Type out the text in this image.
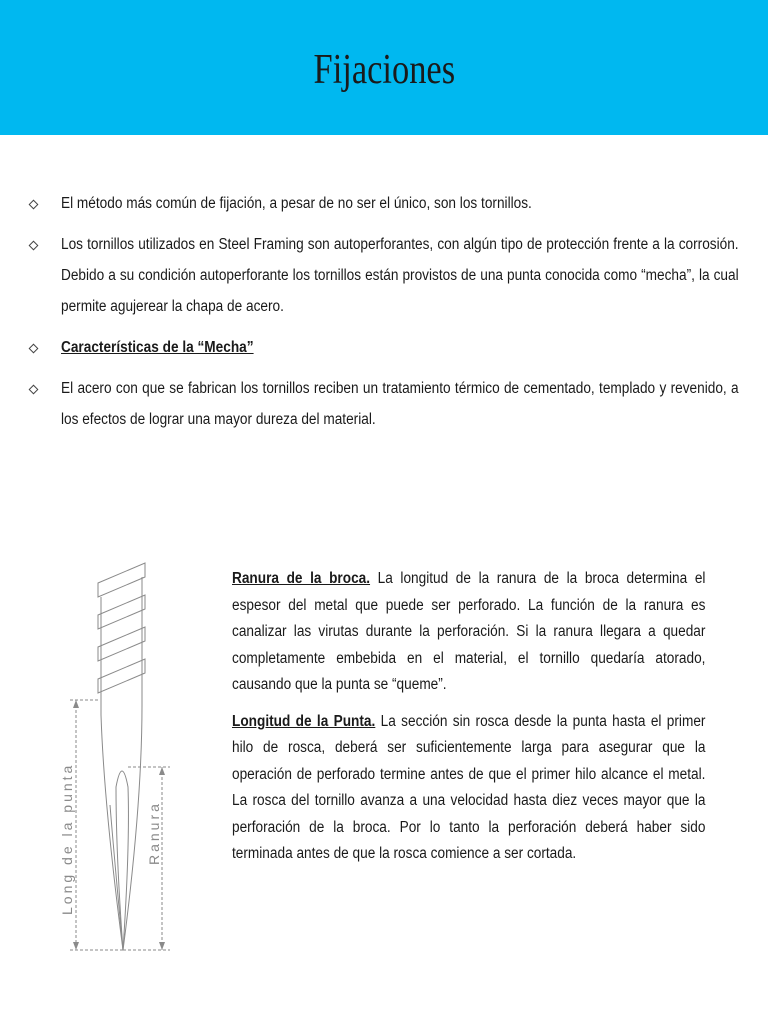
Fijaciones
El método más común de fijación, a pesar de no ser el único, son los tornillos.
Los tornillos utilizados en Steel Framing son autoperforantes, con algún tipo de protección frente a la corrosión. Debido a su condición autoperforante los tornillos están provistos de una punta conocida como “mecha”, la cual permite agujerear la chapa de acero.
Características de la “Mecha”
El acero con que se fabrican los tornillos reciben un tratamiento térmico de cementado, templado y revenido, a los efectos de lograr una mayor dureza del material.
Long de la punta	Ranura

Ranura de la broca. La longitud de la ranura de la broca determina el espesor del metal que puede ser perforado. La función de la ranura es canalizar las virutas durante la perforación. Si la ranura llegara a quedar completamente embebida en el material, el tornillo quedaría atorado, causando que la punta se “queme”.

Longitud de la Punta. La sección sin rosca desde la punta hasta el primer hilo de rosca, deberá ser suficientemente larga para asegurar que la operación de perforado termine antes de que el primer hilo alcance el metal. La rosca del tornillo avanza a una velocidad hasta diez veces mayor que la perforación de la broca. Por lo tanto la perforación deberá haber sido terminada antes de que la rosca comience a ser cortada.
